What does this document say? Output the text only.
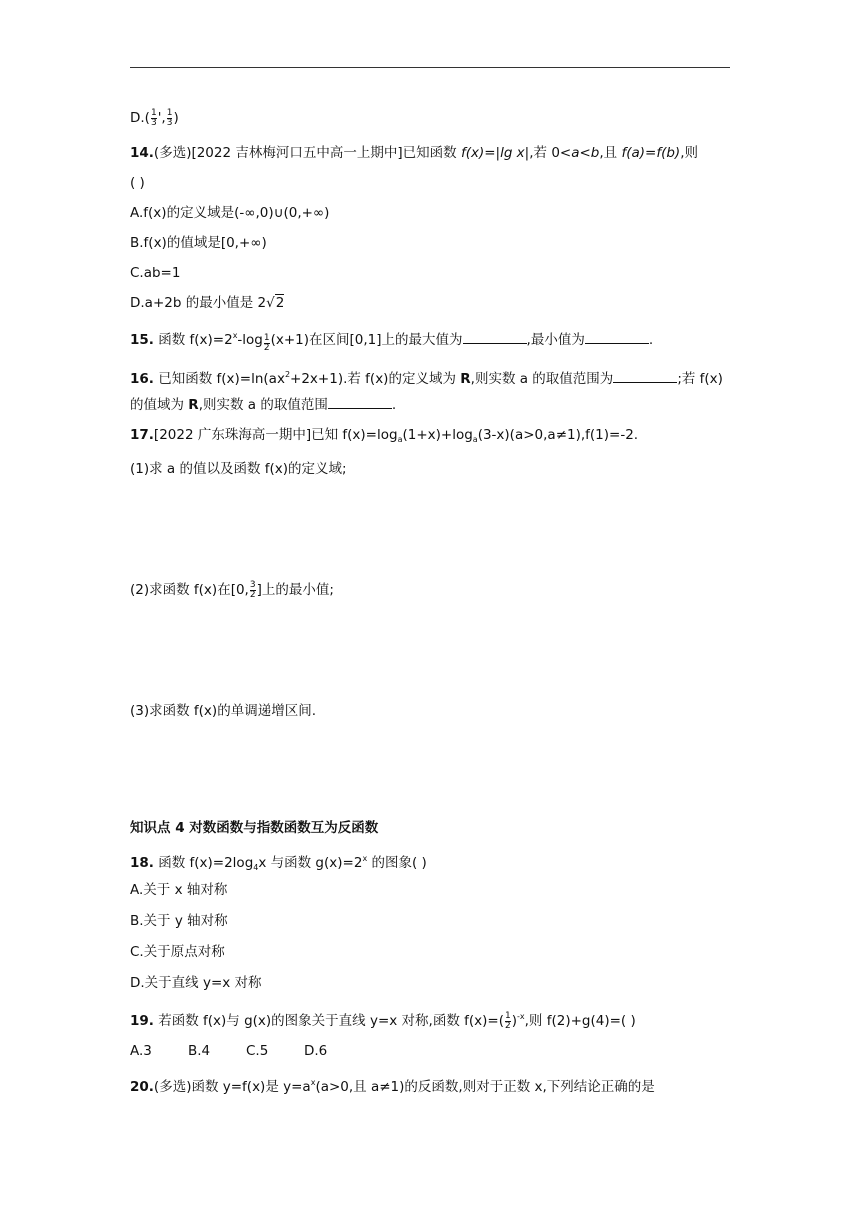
$D.( \frac{1}{3}$ ', $\frac{1}{3}$ )
14.(多选)[2022 吉林梅河口五中高一上期中]已知函数 f(x)=|lg x|,若 0<a<b,且 f(a)=f(b),则
( )
A.f(x)的定义域是(-∞,0)∪(0,+∞)
B.f(x)的值域是[0,+∞)
C.ab=1
D.a+2b 的最小值是 2√2
15. 函数 $f(x)=2^x-\log \frac{1}{2} (x+1)$在区间[0,1]上的最大值为	,最小值为	.
16. 已知函数 $f(x)=\ln(ax^2+2x+1)$.若 f(x)的定义域为 R,则实数 a 的取值范围为	;若 f(x)
的值域为 R,则实数 a 的取值范围	.
17.[2022 广东珠海高一期中]已知 $f(x)=\log_a(1+x)+\log_a(3-x)(a>0,a\ne 1),f(1)=-2$.
(1)求 a 的值以及函数 f(x)的定义域;
(2)求函数 f(x)在[0, $\frac{3}{2}$ ]上的最小值;
(3)求函数 f(x)的单调递增区间.
知识点 4 对数函数与指数函数互为反函数
18. 函数 $f(x)=2\log_4x$ 与函数 $g(x)=2^x$ 的图象( )
A.关于 x 轴对称
B.关于 y 轴对称
C.关于原点对称
D.关于直线 y=x 对称
19. 若函数 f(x)与 g(x)的图象关于直线 y=x 对称,函数 $f(x)=( \frac{1}{2} )^{-x}$,则 f(2)+g(4)=( )
A.3	B.4	C.5	D.6
20.(多选)函数 y=f(x)是 $y=a^x(a>0$,且 a≠1)的反函数,则对于正数 x,下列结论正确的是
